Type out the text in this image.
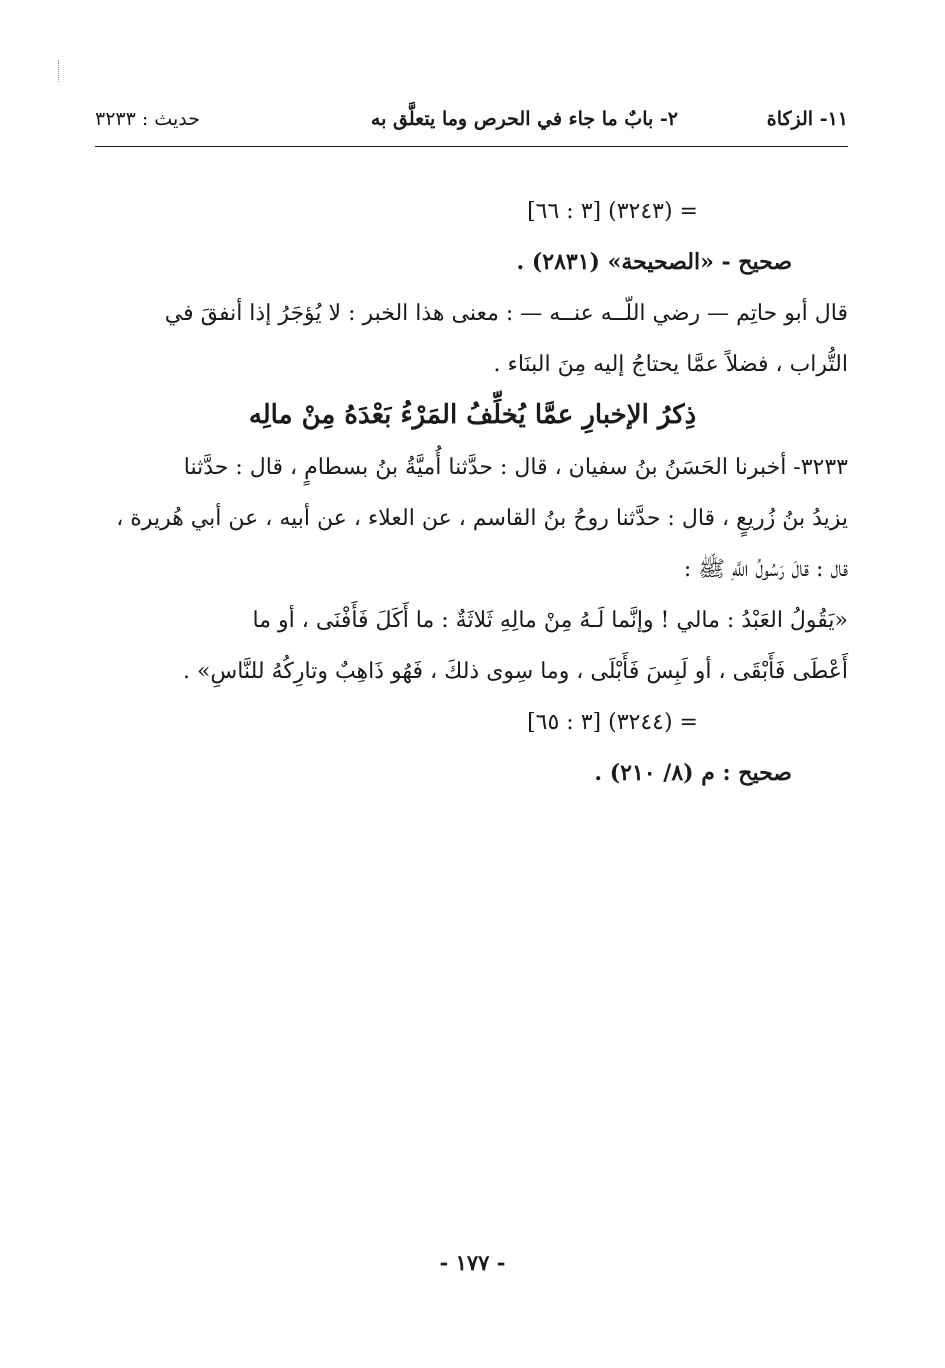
١١- الزكاة
٢- بابٌ ما جاء في الحرص وما يتعلَّق به
حديث : ٣٢٣٣
= (٣٢٤٣) [٣ : ٦٦]
صحيح - «الصحيحة» (٢٨٣١) .
قال أبو حاتِم — رضي اللّــه عنــه — : معنى هذا الخبر : لا يُؤجَرُ إذا أنفقَ في
التُّراب ، فضلاً عمَّا يحتاجُ إليه مِنَ البنَاء .
ذِكرُ الإخبارِ عمَّا يُخلِّفُ المَرْءُ بَعْدَهُ مِنْ مالِه
٣٢٣٣- أخبرنا الحَسَنُ بنُ سفيان ، قال : حدَّثنا أُميَّةُ بنُ بسطامٍ ، قال : حدَّثنا
يزيدُ بنُ زُريعٍ ، قال : حدَّثنا روحُ بنُ القاسم ، عن العلاء ، عن أبيه ، عن أبي هُريرة ،
قال : قالَ رَسُولُ اللَّهِ ﷺ :
«يَقُولُ العَبْدُ : مالي ! وإنَّما لَـهُ مِنْ مالِهِ ثَلاثَةٌ : ما أَكَلَ فَأَفْنَى ، أو ما
أَعْطَى فَأَبْقَى ، أو لَبِسَ فَأَبْلَى ، وما سِوى ذلكَ ، فَهُو ذَاهِبٌ وتارِكُهُ للنَّاسِ» .
= (٣٢٤٤) [٣ : ٦٥]
صحيح : م (٨/ ٢١٠) .
- ١٧٧ -
